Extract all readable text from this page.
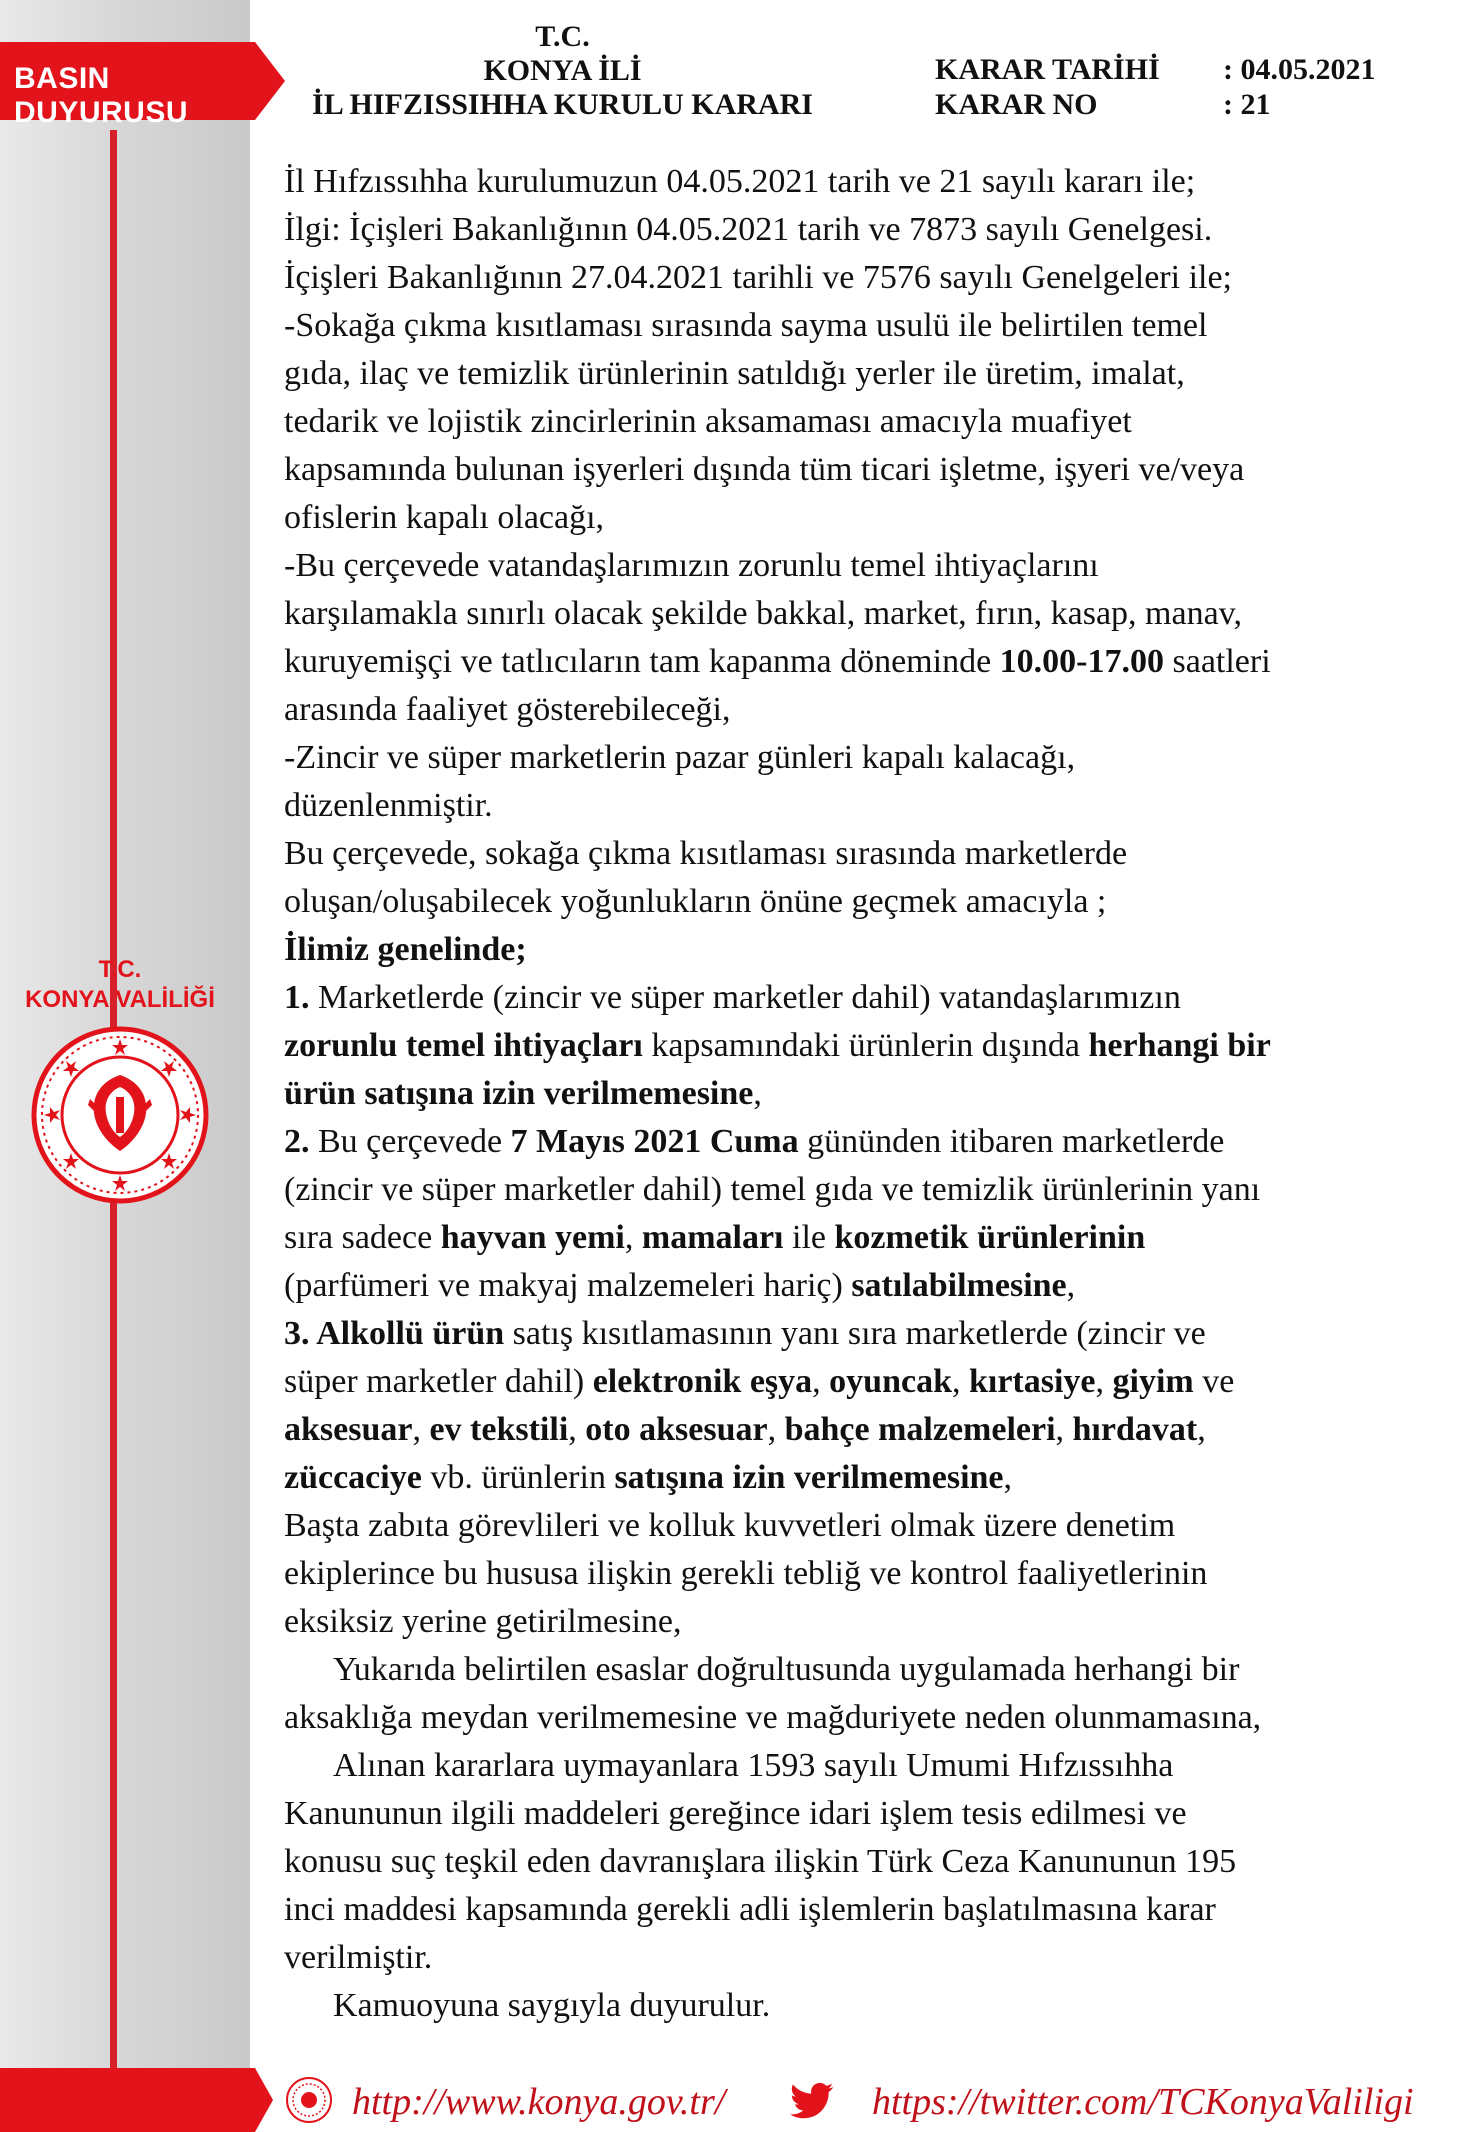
BASIN DUYURUSU
T.C.
KONYA İLİ
İL HIFZISSIHHA KURULU KARARI
KARAR TARİHİ	: 04.05.2021
KARAR NO	: 21
T.C.
KONYA VALİLİĞİ

İl Hıfzıssıhha kurulumuzun 04.05.2021 tarih ve 21 sayılı kararı ile;

İlgi: İçişleri Bakanlığının 04.05.2021 tarih ve 7873 sayılı Genelgesi.

İçişleri Bakanlığının 27.04.2021 tarihli ve 7576 sayılı Genelgeleri ile;

-Sokağa çıkma kısıtlaması sırasında sayma usulü ile belirtilen temel

gıda, ilaç ve temizlik ürünlerinin satıldığı yerler ile üretim, imalat,

tedarik ve lojistik zincirlerinin aksamaması amacıyla muafiyet

kapsamında bulunan işyerleri dışında tüm ticari işletme, işyeri ve/veya

ofislerin kapalı olacağı,

-Bu çerçevede vatandaşlarımızın zorunlu temel ihtiyaçlarını

karşılamakla sınırlı olacak şekilde bakkal, market, fırın, kasap, manav,

kuruyemişçi ve tatlıcıların tam kapanma döneminde 10.00-17.00 saatleri

arasında faaliyet gösterebileceği,

-Zincir ve süper marketlerin pazar günleri kapalı kalacağı,

düzenlenmiştir.

Bu çerçevede, sokağa çıkma kısıtlaması sırasında marketlerde

oluşan/oluşabilecek yoğunlukların önüne geçmek amacıyla ;

İlimiz genelinde;

1. Marketlerde (zincir ve süper marketler dahil) vatandaşlarımızın

zorunlu temel ihtiyaçları kapsamındaki ürünlerin dışında herhangi bir

ürün satışına izin verilmemesine,

2. Bu çerçevede 7 Mayıs 2021 Cuma gününden itibaren marketlerde

(zincir ve süper marketler dahil) temel gıda ve temizlik ürünlerinin yanı

sıra sadece hayvan yemi, mamaları ile kozmetik ürünlerinin

(parfümeri ve makyaj malzemeleri hariç) satılabilmesine,

3. Alkollü ürün satış kısıtlamasının yanı sıra marketlerde (zincir ve

süper marketler dahil) elektronik eşya, oyuncak, kırtasiye, giyim ve

aksesuar, ev tekstili, oto aksesuar, bahçe malzemeleri, hırdavat,

züccaciye vb. ürünlerin satışına izin verilmemesine,

Başta zabıta görevlileri ve kolluk kuvvetleri olmak üzere denetim

ekiplerince bu hususa ilişkin gerekli tebliğ ve kontrol faaliyetlerinin

eksiksiz yerine getirilmesine,

Yukarıda belirtilen esaslar doğrultusunda uygulamada herhangi bir

aksaklığa meydan verilmemesine ve mağduriyete neden olunmamasına,

Alınan kararlara uymayanlara 1593 sayılı Umumi Hıfzıssıhha

Kanununun ilgili maddeleri gereğince idari işlem tesis edilmesi ve

konusu suç teşkil eden davranışlara ilişkin Türk Ceza Kanununun 195

inci maddesi kapsamında gerekli adli işlemlerin başlatılmasına karar

verilmiştir.

Kamuoyuna saygıyla duyurulur.

http://www.konya.gov.tr/	https://twitter.com/TCKonyaValiligi
